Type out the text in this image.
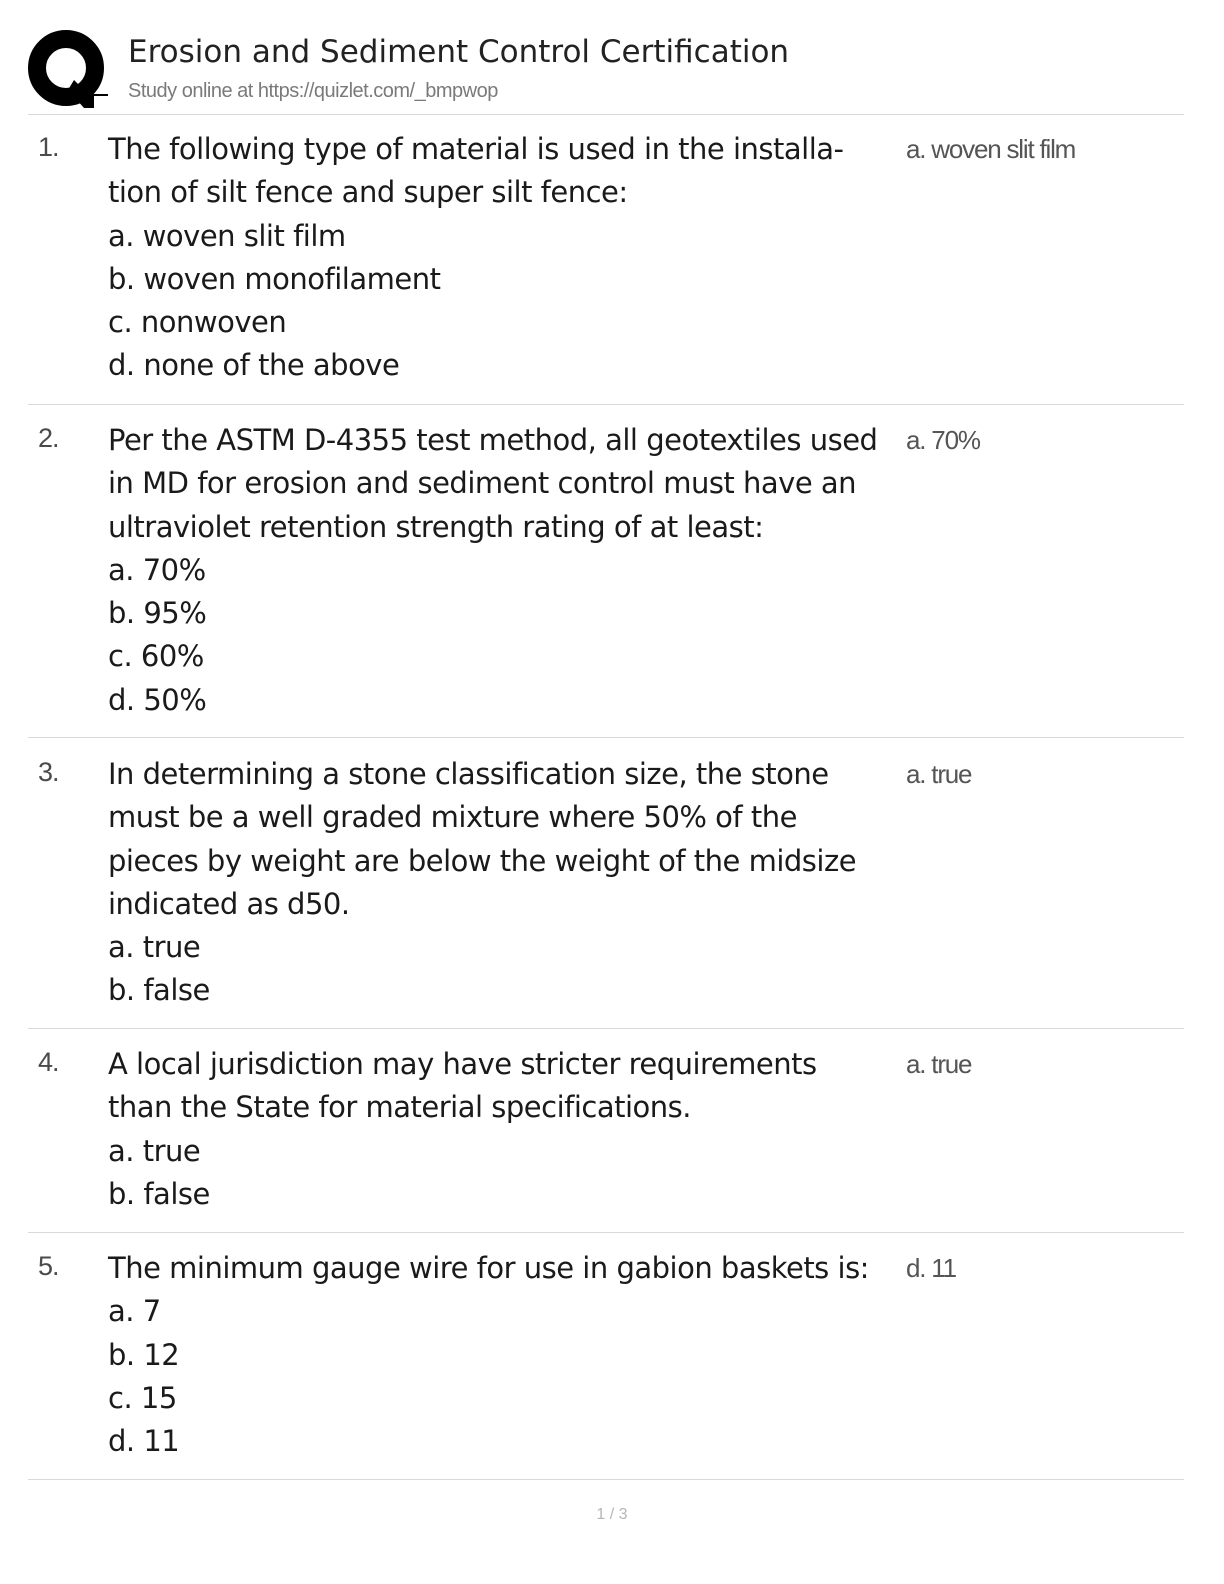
Erosion and Sediment Control Certification
Study online at https://quizlet.com/_bmpwop
1. The following type of material is used in the installa-
tion of silt fence and super silt fence:
a. woven slit film
b. woven monofilament
c. nonwoven
d. none of the above
a. woven slit film
2. Per the ASTM D-4355 test method, all geotextiles used
in MD for erosion and sediment control must have an
ultraviolet retention strength rating of at least:
a. 70%
b. 95%
c. 60%
d. 50%
a. 70%
3. In determining a stone classification size, the stone
must be a well graded mixture where 50% of the
pieces by weight are below the weight of the midsize
indicated as d50.
a. true
b. false
a. true
4. A local jurisdiction may have stricter requirements
than the State for material specifications.
a. true
b. false
a. true
5. The minimum gauge wire for use in gabion baskets is:
a. 7
b. 12
c. 15
d. 11
d. 11
1 / 3
